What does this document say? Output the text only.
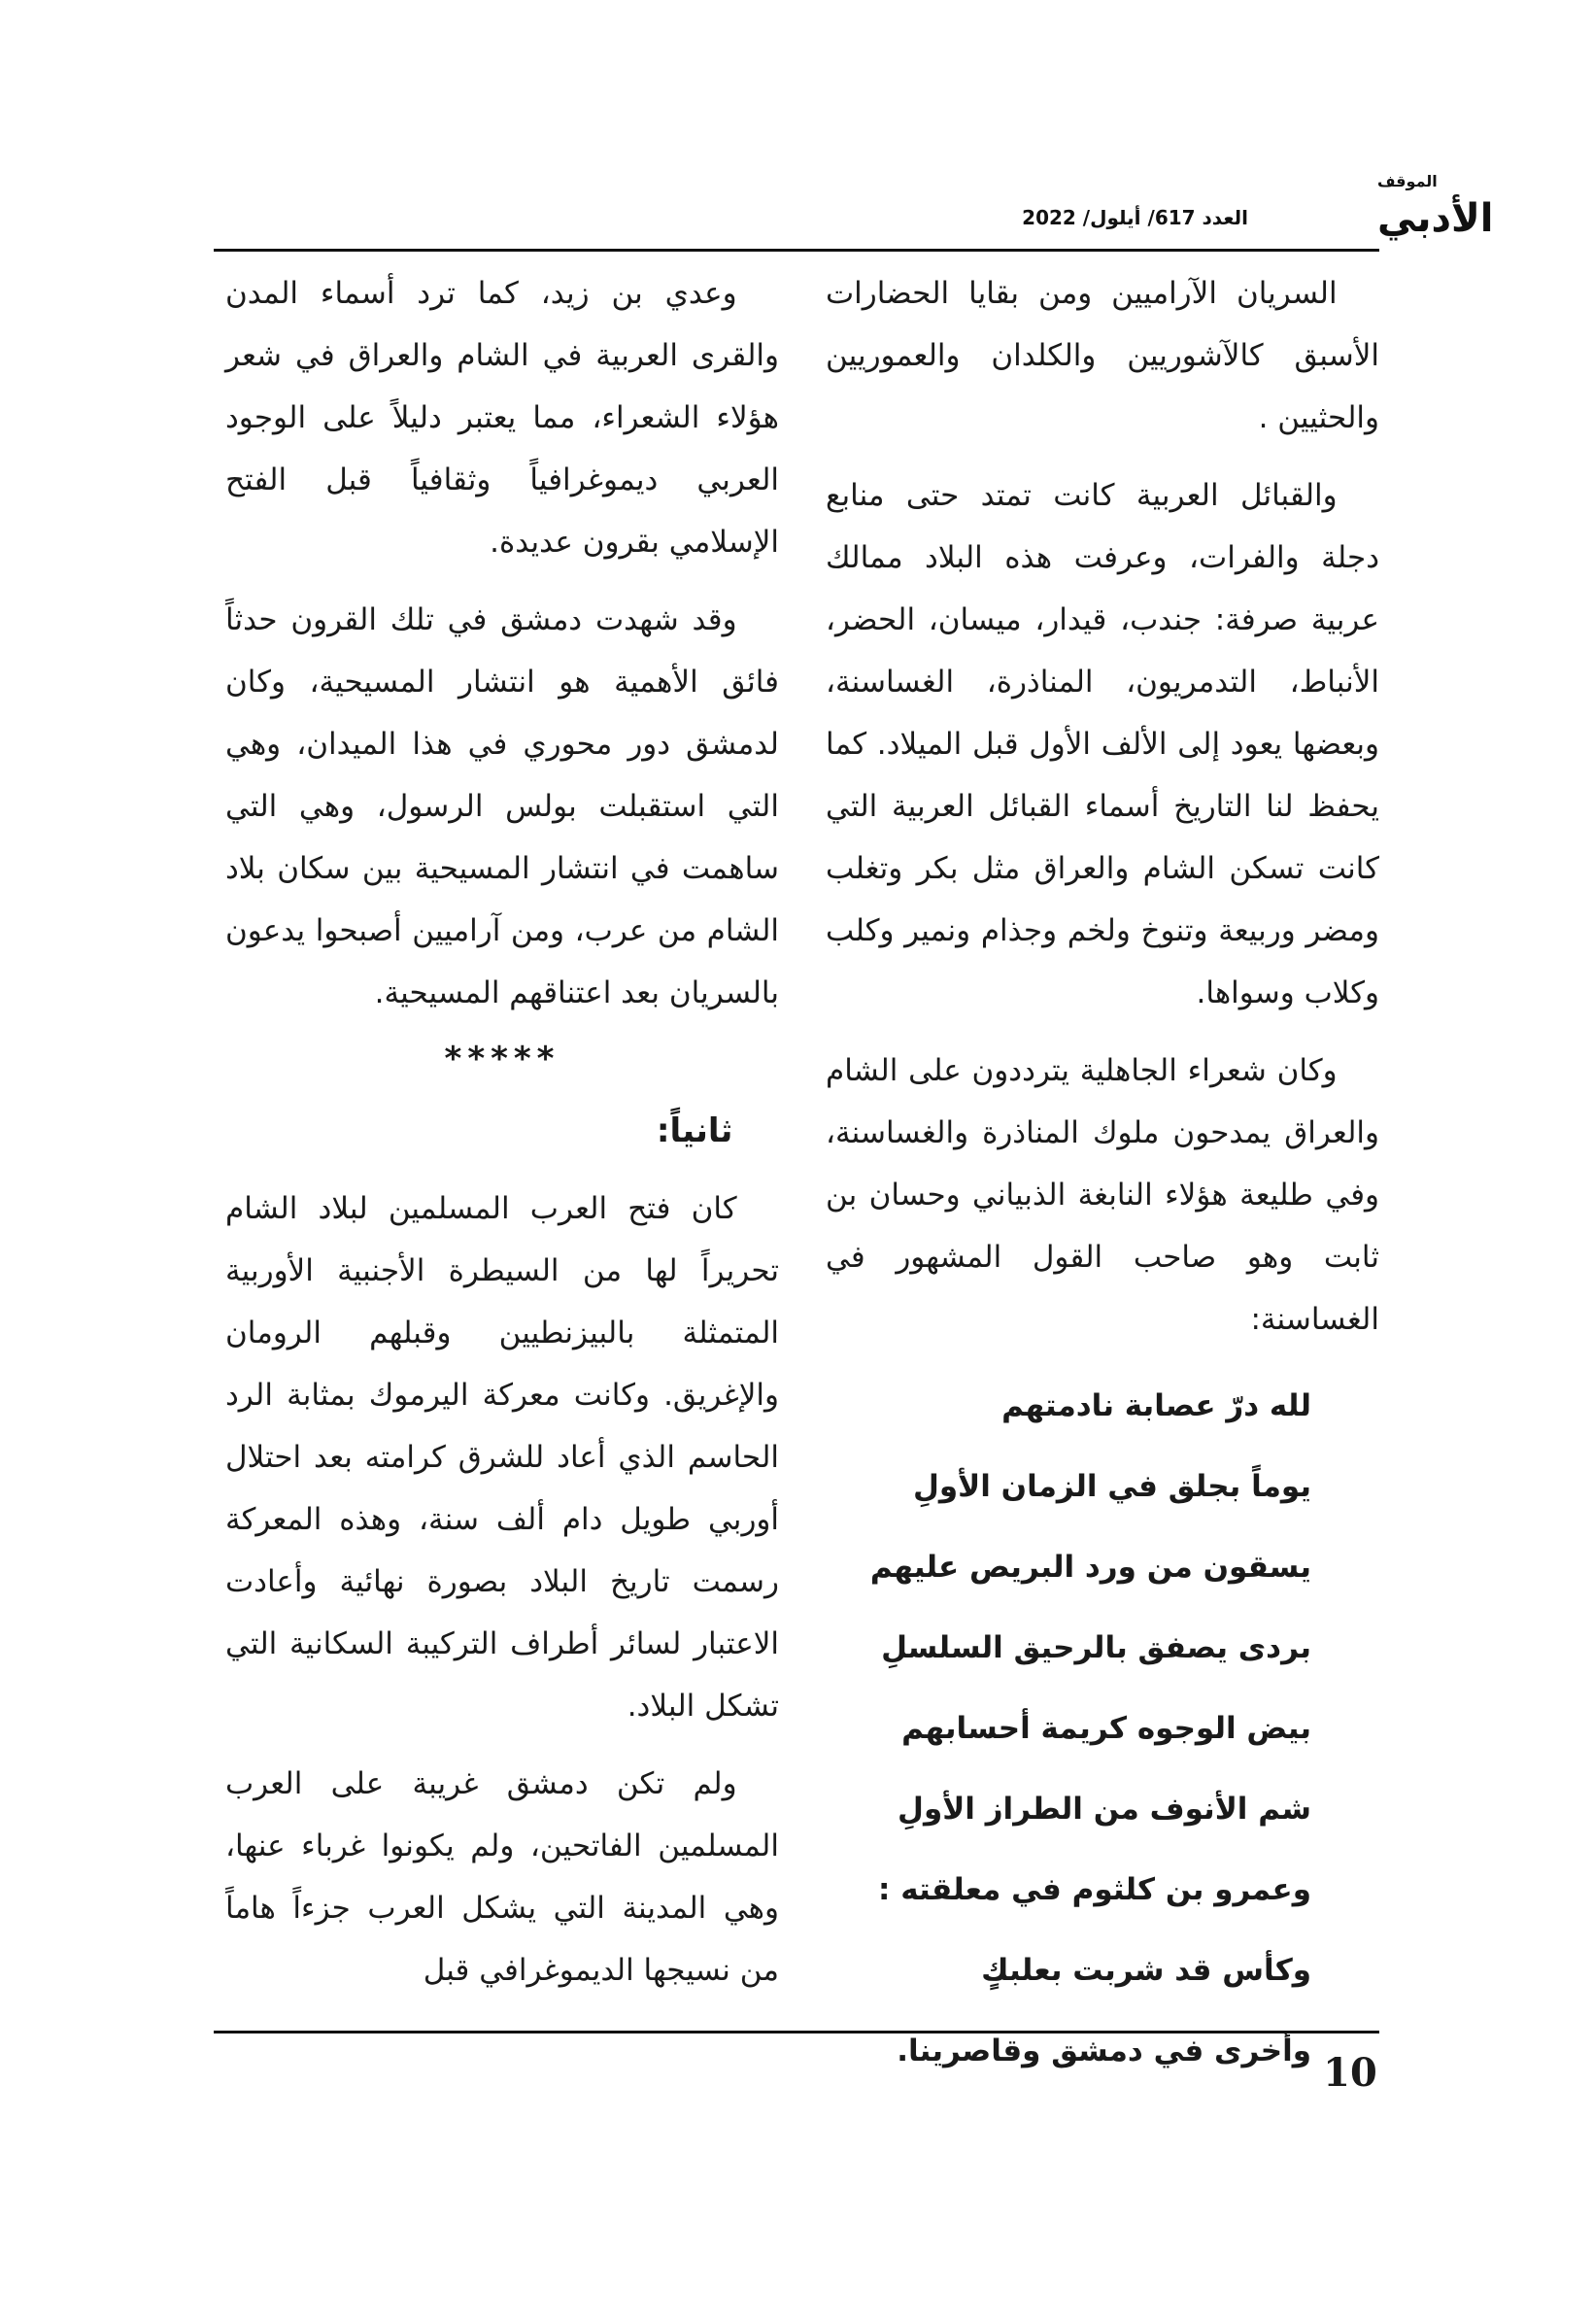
الموقف
الأدبي
العدد 617/ أيلول/ 2022

السريان الآراميين ومن بقايا الحضارات الأسبق كالآشوريين والكلدان والعموريين والحثيين .

والقبائل العربية كانت تمتد حتى منابع دجلة والفرات، وعرفت هذه البلاد ممالك عربية صرفة: جندب، قيدار، ميسان، الحضر، الأنباط، التدمريون، المناذرة، الغساسنة، وبعضها يعود إلى الألف الأول قبل الميلاد. كما يحفظ لنا التاريخ أسماء القبائل العربية التي كانت تسكن الشام والعراق مثل بكر وتغلب ومضر وربيعة وتنوخ ولخم وجذام ونمير وكلب وكلاب وسواها.

وكان شعراء الجاهلية يترددون على الشام والعراق يمدحون ملوك المناذرة والغساسنة، وفي طليعة هؤلاء النابغة الذبياني وحسان بن ثابت وهو صاحب القول المشهور في الغساسنة:

لله درّ عصابة نادمتهم
يوماً بجلق في الزمان الأولِ
يسقون من ورد البريص عليهم
بردى يصفق بالرحيق السلسلِ
بيض الوجوه كريمة أحسابهم
شم الأنوف من الطراز الأولِ
وعمرو بن كلثوم في معلقته :
وكأس قد شربت بعلبكٍ
وأخرى في دمشق وقاصرينا.

وعدي بن زيد، كما ترد أسماء المدن والقرى العربية في الشام والعراق في شعر هؤلاء الشعراء، مما يعتبر دليلاً على الوجود العربي ديموغرافياً وثقافياً قبل الفتح الإسلامي بقرون عديدة.

وقد شهدت دمشق في تلك القرون حدثاً فائق الأهمية هو انتشار المسيحية، وكان لدمشق دور محوري في هذا الميدان، وهي التي استقبلت بولس الرسول، وهي التي ساهمت في انتشار المسيحية بين سكان بلاد الشام من عرب، ومن آراميين أصبحوا يدعون بالسريان بعد اعتناقهم المسيحية.

*****

ثانياً:

كان فتح العرب المسلمين لبلاد الشام تحريراً لها من السيطرة الأجنبية الأوربية المتمثلة بالبيزنطيين وقبلهم الرومان والإغريق. وكانت معركة اليرموك بمثابة الرد الحاسم الذي أعاد للشرق كرامته بعد احتلال أوربي طويل دام ألف سنة، وهذه المعركة رسمت تاريخ البلاد بصورة نهائية وأعادت الاعتبار لسائر أطراف التركيبة السكانية التي تشكل البلاد.

ولم تكن دمشق غريبة على العرب المسلمين الفاتحين، ولم يكونوا غرباء عنها، وهي المدينة التي يشكل العرب جزءاً هاماً من نسيجها الديموغرافي قبل

10
